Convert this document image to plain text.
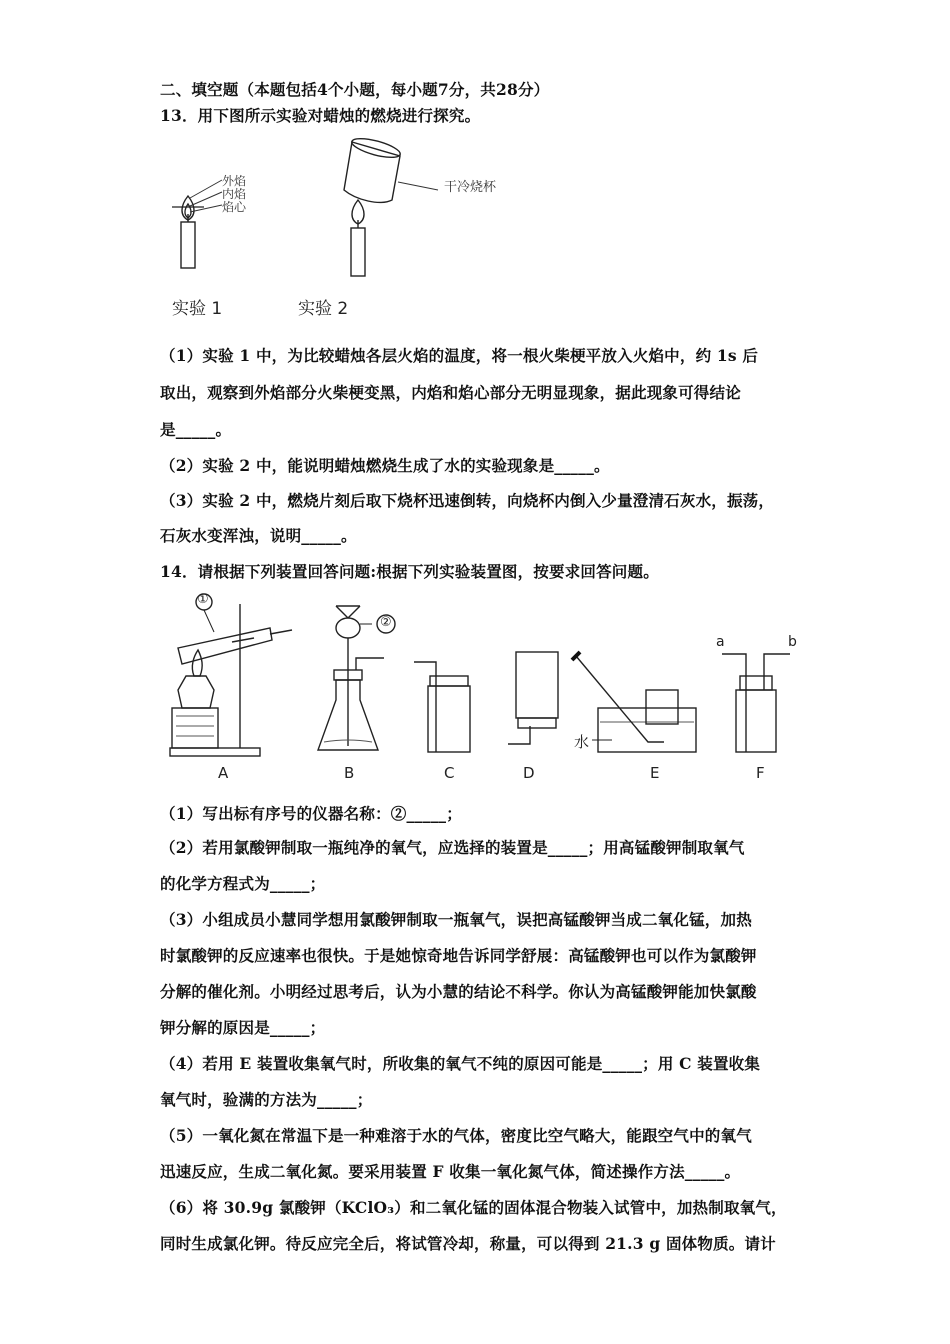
二、填空题（本题包括4个小题，每小题7分，共28分）
13．用下图所示实验对蜡烛的燃烧进行探究。
外焰
内焰
焰心
干冷烧杯
实验 1	实验 2
（1）实验 1 中，为比较蜡烛各层火焰的温度，将一根火柴梗平放入火焰中，约 1s 后
取出，观察到外焰部分火柴梗变黑，内焰和焰心部分无明显现象，据此现象可得结论
是_____。
（2）实验 2 中，能说明蜡烛燃烧生成了水的实验现象是_____。
（3）实验 2 中，燃烧片刻后取下烧杯迅速倒转，向烧杯内倒入少量澄清石灰水，振荡，
石灰水变浑浊，说明_____。
14．请根据下列装置回答问题:根据下列实验装置图，按要求回答问题。
①
②
水
a	b
A	B	C	D	E	F
（1）写出标有序号的仪器名称：②_____；
（2）若用氯酸钾制取一瓶纯净的氧气，应选择的装置是_____；用高锰酸钾制取氧气
的化学方程式为_____；
（3）小组成员小慧同学想用氯酸钾制取一瓶氧气，误把高锰酸钾当成二氧化锰，加热
时氯酸钾的反应速率也很快。于是她惊奇地告诉同学舒展：高锰酸钾也可以作为氯酸钾
分解的催化剂。小明经过思考后，认为小慧的结论不科学。你认为高锰酸钾能加快氯酸
钾分解的原因是_____；
（4）若用 E 装置收集氧气时，所收集的氧气不纯的原因可能是_____；用 C 装置收集
氧气时，验满的方法为_____；
（5）一氧化氮在常温下是一种难溶于水的气体，密度比空气略大，能跟空气中的氧气
迅速反应，生成二氧化氮。要采用装置 F 收集一氧化氮气体，简述操作方法_____。
（6）将 30.9g 氯酸钾（KClO₃）和二氧化锰的固体混合物装入试管中，加热制取氧气，
同时生成氯化钾。待反应完全后，将试管冷却，称量，可以得到 21.3 g 固体物质。请计
